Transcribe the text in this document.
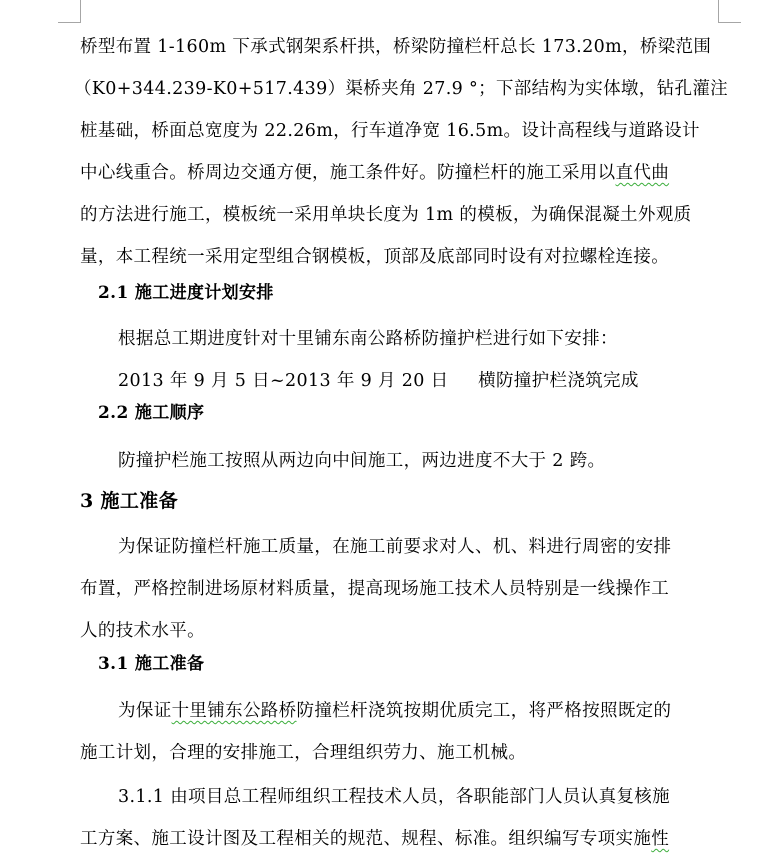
桥型布置 1-160m 下承式钢架系杆拱，桥梁防撞栏杆总长 173.20m，桥梁范围
（K0+344.239-K0+517.439）渠桥夹角 27.9 °；下部结构为实体墩，钻孔灌注
桩基础，桥面总宽度为 22.26m，行车道净宽 16.5m。设计高程线与道路设计
中心线重合。桥周边交通方便，施工条件好。防撞栏杆的施工采用以直代曲
的方法进行施工，模板统一采用单块长度为 1m 的模板，为确保混凝土外观质
量，本工程统一采用定型组合钢模板，顶部及底部同时设有对拉螺栓连接。
2.1 施工进度计划安排
根据总工期进度针对十里铺东南公路桥防撞护栏进行如下安排：
2013 年 9 月 5 日~2013 年 9 月 20 日     横防撞护栏浇筑完成
2.2 施工顺序
防撞护栏施工按照从两边向中间施工，两边进度不大于 2 跨。
3 施工准备
为保证防撞栏杆施工质量，在施工前要求对人、机、料进行周密的安排
布置，严格控制进场原材料质量，提高现场施工技术人员特别是一线操作工
人的技术水平。
3.1 施工准备
为保证十里铺东公路桥防撞栏杆浇筑按期优质完工，将严格按照既定的
施工计划，合理的安排施工，合理组织劳力、施工机械。
3.1.1 由项目总工程师组织工程技术人员，各职能部门人员认真复核施
工方案、施工设计图及工程相关的规范、规程、标准。组织编写专项实施性
